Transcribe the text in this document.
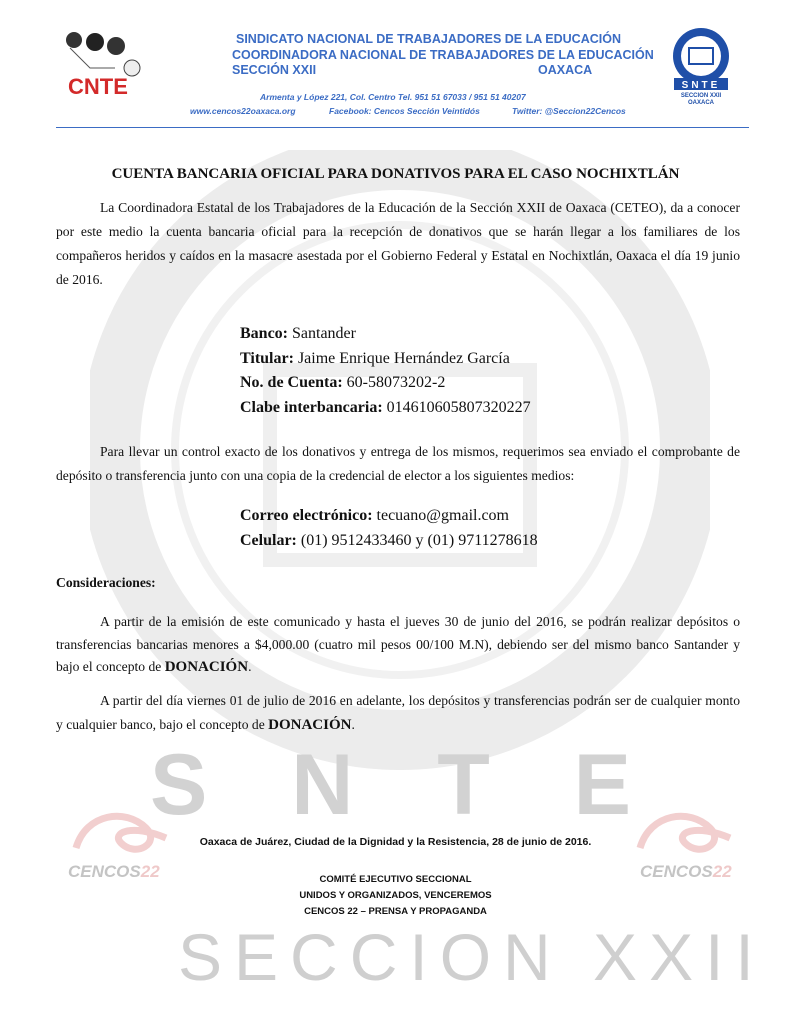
S N T E
SECCION XXII
CENCOS22	CENCOS22
CNTE	SNTE
SECCION XXII
OAXACA
SINDICATO NACIONAL DE TRABAJADORES DE LA EDUCACIÓN
COORDINADORA NACIONAL DE TRABAJADORES DE LA EDUCACIÓN
SECCIÓN XXII	OAXACA
Armenta y López 221, Col. Centro Tel. 951 51 67033 / 951 51 40207
www.cencos22oaxaca.org	Facebook: Cencos Sección Veintidós	Twitter: @Seccion22Cencos
CUENTA BANCARIA OFICIAL PARA DONATIVOS PARA EL CASO NOCHIXTLÁN

La Coordinadora Estatal de los Trabajadores de la Educación de la Sección XXII de Oaxaca (CETEO), da a conocer por este medio la cuenta bancaria oficial para la recepción de donativos que se harán llegar a los familiares de los compañeros heridos y caídos en la masacre asestada por el Gobierno Federal y Estatal en Nochixtlán, Oaxaca el día 19 junio de 2016.

Banco: Santander
Titular: Jaime Enrique Hernández García
No. de Cuenta: 60-58073202-2
Clabe interbancaria: 014610605807320227

Para llevar un control exacto de los donativos y entrega de los mismos, requerimos sea enviado el comprobante de depósito o transferencia junto con una copia de la credencial de elector a los siguientes medios:

Correo electrónico: tecuano@gmail.com
Celular: (01) 9512433460 y (01) 9711278618
Consideraciones:

A partir de la emisión de este comunicado y hasta el jueves 30 de junio del 2016, se podrán realizar depósitos o transferencias bancarias menores a $4,000.00 (cuatro mil pesos 00/100 M.N), debiendo ser del mismo banco Santander y bajo el concepto de DONACIÓN.

A partir del día viernes 01 de julio de 2016 en adelante, los depósitos y transferencias podrán ser de cualquier monto y cualquier banco, bajo el concepto de DONACIÓN.

Oaxaca de Juárez, Ciudad de la Dignidad y la Resistencia, 28 de junio de 2016.
COMITÉ EJECUTIVO SECCIONAL
UNIDOS Y ORGANIZADOS, VENCEREMOS
CENCOS 22 – PRENSA Y PROPAGANDA
